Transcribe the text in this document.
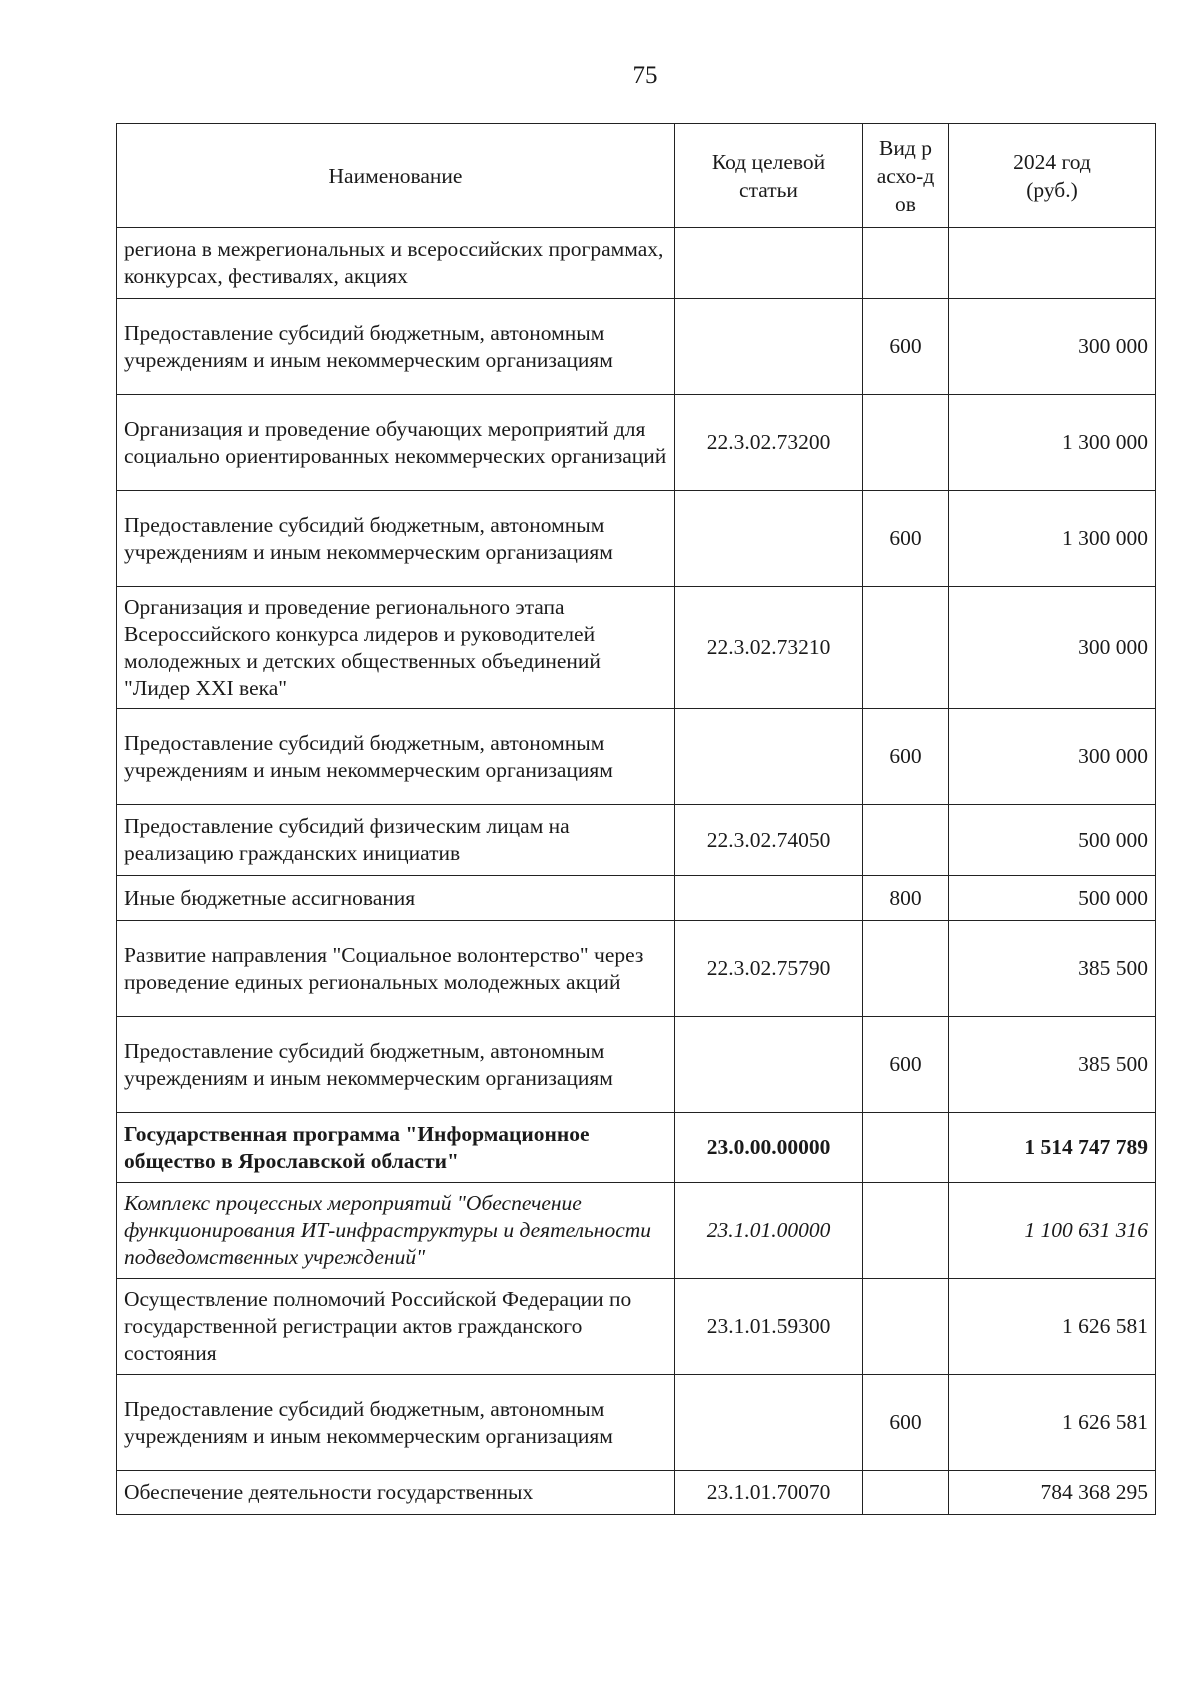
75
Наименование	Код целевой статьи	Вид расхо-дов	2024 год (руб.)
региона в межрегиональных и всероссийских программах, конкурсах, фестивалях, акциях			
Предоставление субсидий бюджетным, автономным учреждениям и иным некоммерческим организациям		600	300 000
Организация и проведение обучающих мероприятий для социально ориентированных некоммерческих организаций	22.3.02.73200		1 300 000
Предоставление субсидий бюджетным, автономным учреждениям и иным некоммерческим организациям		600	1 300 000
Организация и проведение регионального этапа Всероссийского конкурса лидеров и руководителей молодежных и детских общественных объединений "Лидер XXI века"	22.3.02.73210		300 000
Предоставление субсидий бюджетным, автономным учреждениям и иным некоммерческим организациям		600	300 000
Предоставление субсидий физическим лицам на реализацию гражданских инициатив	22.3.02.74050		500 000
Иные бюджетные ассигнования		800	500 000
Развитие направления "Социальное волонтерство" через проведение единых региональных молодежных акций	22.3.02.75790		385 500
Предоставление субсидий бюджетным, автономным учреждениям и иным некоммерческим организациям		600	385 500
Государственная программа "Информационное общество в Ярославской области"	23.0.00.00000		1 514 747 789
Комплекс процессных мероприятий "Обеспечение функционирования ИТ-инфраструктуры и деятельности подведомственных учреждений"	23.1.01.00000		1 100 631 316
Осуществление полномочий Российской Федерации по государственной регистрации актов гражданского состояния	23.1.01.59300		1 626 581
Предоставление субсидий бюджетным, автономным учреждениям и иным некоммерческим организациям		600	1 626 581
Обеспечение деятельности государственных	23.1.01.70070		784 368 295
